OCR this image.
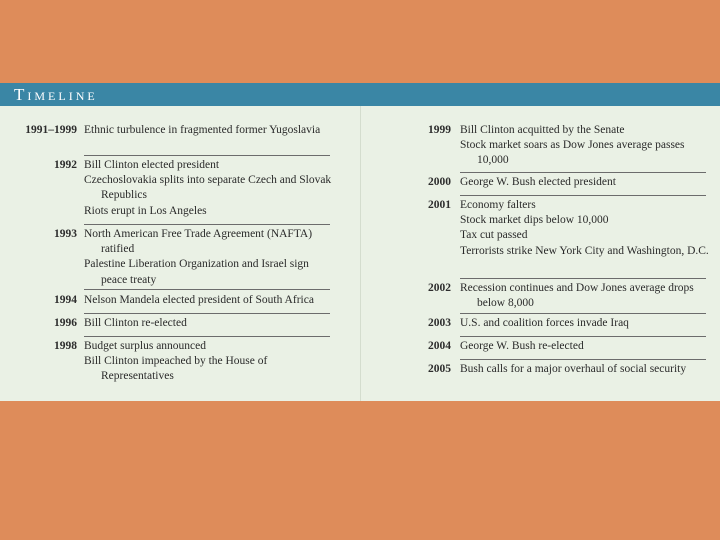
Timeline
1991–1999 Ethnic turbulence in fragmented former Yugoslavia
1992 Bill Clinton elected president
Czechoslovakia splits into separate Czech and Slovak Republics
Riots erupt in Los Angeles
1993 North American Free Trade Agreement (NAFTA) ratified
Palestine Liberation Organization and Israel sign peace treaty
1994 Nelson Mandela elected president of South Africa
1996 Bill Clinton re-elected
1998 Budget surplus announced
Bill Clinton impeached by the House of Representatives
1999 Bill Clinton acquitted by the Senate
Stock market soars as Dow Jones average passes 10,000
2000 George W. Bush elected president
2001 Economy falters
Stock market dips below 10,000
Tax cut passed
Terrorists strike New York City and Washington, D.C.
2002 Recession continues and Dow Jones average drops below 8,000
2003 U.S. and coalition forces invade Iraq
2004 George W. Bush re-elected
2005 Bush calls for a major overhaul of social security
